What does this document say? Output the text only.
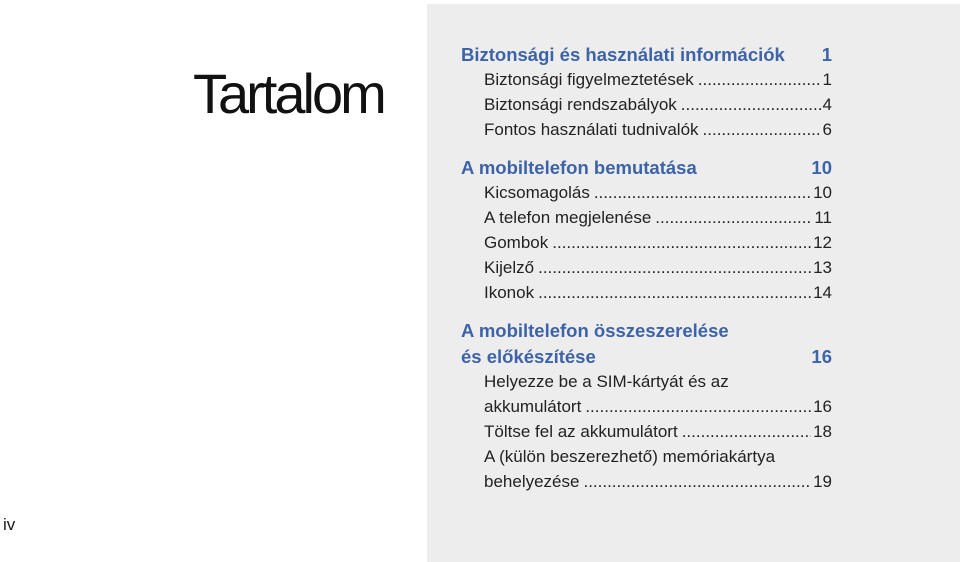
Tartalom
iv
Biztonsági és használati információk 1
Biztonsági figyelmeztetések .....	1
Biztonsági rendszabályok .....	4
Fontos használati tudnivalók .....	6
A mobiltelefon bemutatása	10
Kicsomagolás .....	10
A telefon megjelenése .....	11
Gombok .....	12
Kijelző .....	13
Ikonok .....	14
A mobiltelefon összeszerelése
és előkészítése	16
Helyezze be a SIM-kártyát és az
akkumulátort .....	16
Töltse fel az akkumulátort .....	18
A (külön beszerezhető) memóriakártya
behelyezése .....	19
